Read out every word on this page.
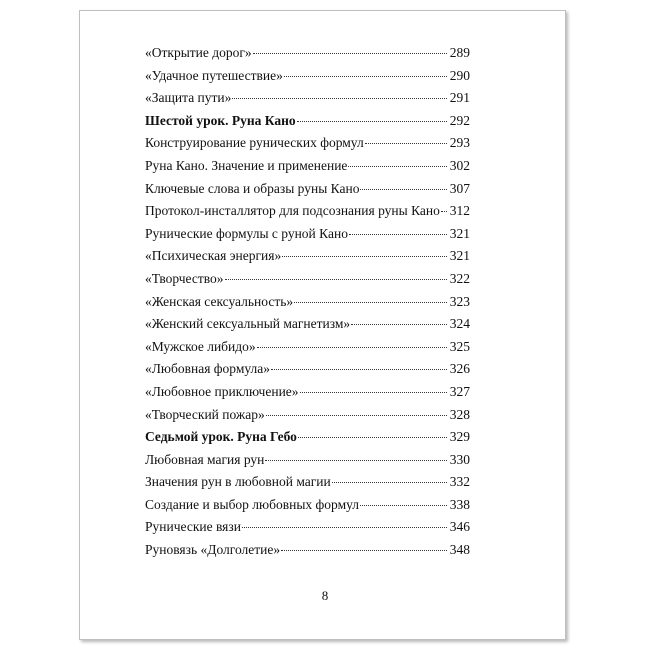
«Открытие дорог»	289
«Удачное путешествие»	290
«Защита пути»	291
Шестой урок. Руна Кано	292
Конструирование рунических формул	293
Руна Кано. Значение и применение	302
Ключевые слова и образы руны Кано	307
Протокол-инсталлятор для подсознания руны Кано 312
Рунические формулы с руной Кано	321
«Психическая энергия»	321
«Творчество»	322
«Женская сексуальность»	323
«Женский сексуальный магнетизм»	324
«Мужское либидо»	325
«Любовная формула»	326
«Любовное приключение»	327
«Творческий пожар»	328
Седьмой урок. Руна Гебо	329
Любовная магия рун	330
Значения рун в любовной магии	332
Создание и выбор любовных формул	338
Рунические вязи	346
Руновязь «Долголетие»	348
8
